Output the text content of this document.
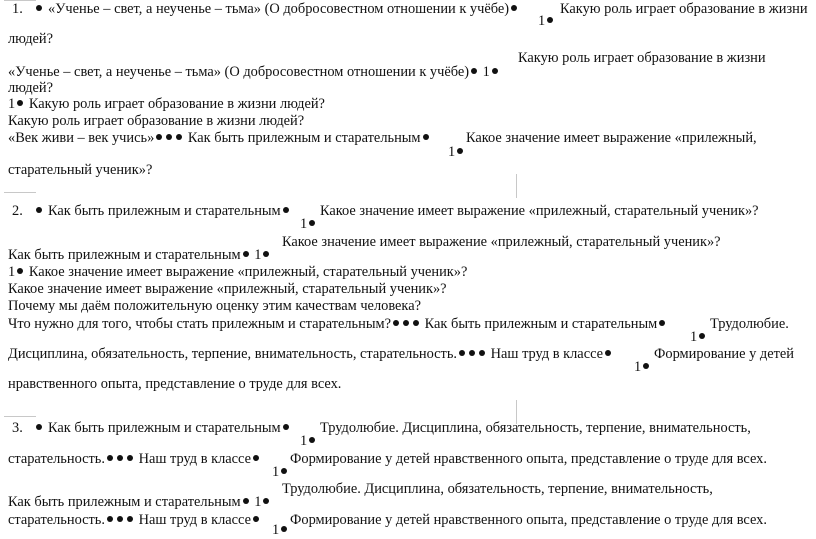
1. «Ученье – свет, а неученье – тьма» (О добросовестном отношении к учёбе)
1
Какую роль играет образование в жизни
людей?
Какую роль играет образование в жизни
«Ученье – свет, а неученье – тьма» (О добросовестном отношении к учёбе) 1
людей?
1 Какую роль играет образование в жизни людей?
Какую роль играет образование в жизни людей?
«Век живи – век учись» Как быть прилежным и старательным
1
Какое значение имеет выражение «прилежный,
старательный ученик»?
2. Как быть прилежным и старательным
1
Какое значение имеет выражение «прилежный, старательный ученик»?
Какое значение имеет выражение «прилежный, старательный ученик»?
Как быть прилежным и старательным 1
1 Какое значение имеет выражение «прилежный, старательный ученик»?
Какое значение имеет выражение «прилежный, старательный ученик»?
Почему мы даём положительную оценку этим качествам человека?
Что нужно для того, чтобы стать прилежным и старательным? Как быть прилежным и старательным
1
Трудолюбие.
Дисциплина, обязательность, терпение, внимательность, старательность. Наш труд в классе
1
Формирование у детей
нравственного опыта, представление о труде для всех.
3. Как быть прилежным и старательным
1
Трудолюбие. Дисциплина, обязательность, терпение, внимательность,
старательность. Наш труд в классе
1
Формирование у детей нравственного опыта, представление о труде для всех.
Трудолюбие. Дисциплина, обязательность, терпение, внимательность,
Как быть прилежным и старательным 1
старательность. Наш труд в классе
1
Формирование у детей нравственного опыта, представление о труде для всех.
